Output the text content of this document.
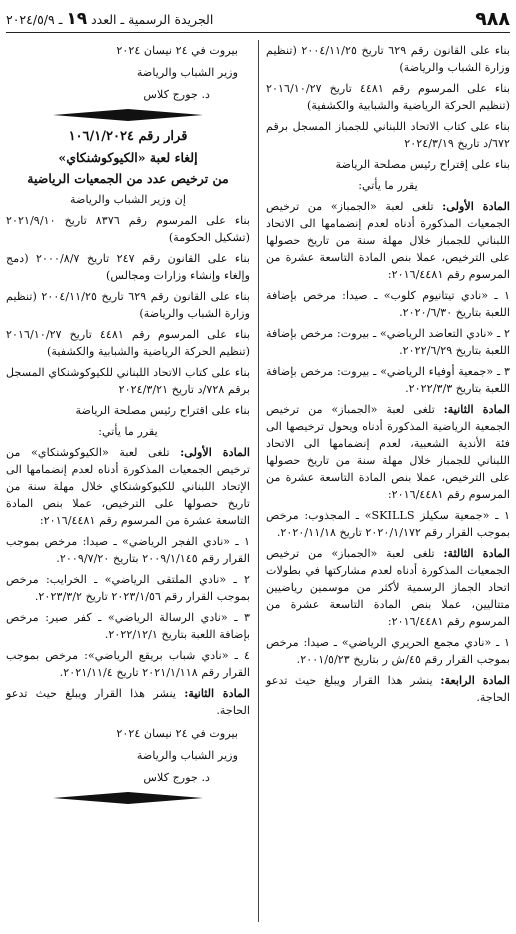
٩٨٨
الجريدة الرسمية ـ العدد ١٩ ـ ٢٠٢٤/٥/٩

بناء على القانون رقم ٦٢٩ تاريخ ٢٠٠٤/١١/٢٥ (تنظيم وزارة الشباب والرياضة)

بناء على المرسوم رقم ٤٤٨١ تاريخ ٢٠١٦/١٠/٢٧ (تنظيم الحركة الرياضية والشبابية والكشفية)

بناء على كتاب الاتحاد اللبناني للجمباز المسجل برقم ٦٧٢/د تاريخ ٢٠٢٤/٣/١٩

بناء على إقتراح رئيس مصلحة الرياضة

يقرر ما يأتي:

المادة الأولى: تلغى لعبة «الجمباز» من ترخيص الجمعيات المذكورة أدناه لعدم إنضمامها الى الاتحاد اللبناني للجمباز خلال مهلة سنة من تاريخ حصولها على الترخيص، عملا بنص المادة التاسعة عشرة من المرسوم رقم ٢٠١٦/٤٤٨١:

١ ـ «نادي تيتانيوم كلوب» ـ صيدا: مرخص بإضافة اللعبة بتاريخ ٢٠٢٠/٦/٣٠.

٢ ـ «نادي التعاضد الرياضي» ـ بيروت: مرخص بإضافة اللعبة بتاريخ ٢٠٢٢/٦/٢٩.

٣ ـ «جمعية أوفياء الرياضي» ـ بيروت: مرخص بإضافة اللعبة بتاريخ ٢٠٢٢/٣/٣.

المادة الثانية: تلغى لعبة «الجمباز» من ترخيص الجمعية الرياضية المذكورة أدناه ويحول ترخيصها الى فئة الأندية الشعبية، لعدم إنضمامها الى الاتحاد اللبناني للجمباز خلال مهلة سنة من تاريخ حصولها على الترخيص، عملا بنص المادة التاسعة عشرة من المرسوم رقم ٢٠١٦/٤٤٨١:

١ ـ «جمعية سكيلز SKILLS» ـ المجذوب: مرخص بموجب القرار رقم ٢٠٢٠/١/١٧٢ تاريخ ٢٠٢٠/١١/١٨.

المادة الثالثة: تلغى لعبة «الجمباز» من ترخيص الجمعيات المذكورة أدناه لعدم مشاركتها في بطولات اتحاد الجماز الرسمية لأكثر من موسمين رياضيين متتاليين، عملا بنص المادة التاسعة عشرة من المرسوم رقم ٢٠١٦/٤٤٨١:

١ ـ «نادي مجمع الحريري الرياضي» ـ صيدا: مرخص بموجب القرار رقم ٤٥/ش ر بتاريخ ٢٠٠١/٥/٢٣.

المادة الرابعة: ينشر هذا القرار ويبلغ حيث تدعو الحاجة.

بيروت في ٢٤ نيسان ٢٠٢٤

وزير الشباب والرياضة

د. جورج كلاس

قرار رقم ١٠٦/١/٢٠٢٤

إلغاء لعبة «الكيوكوشنكاي»

من ترخيص عدد من الجمعيات الرياضية

إن وزير الشباب والرياضة

بناء على المرسوم رقم ٨٣٧٦ تاريخ ٢٠٢١/٩/١٠ (تشكيل الحكومة)

بناء على القانون رقم ٢٤٧ تاريخ ٢٠٠٠/٨/٧ (دمج وإلغاء وإنشاء وزارات ومجالس)

بناء على القانون رقم ٦٢٩ تاريخ ٢٠٠٤/١١/٢٥ (تنظيم وزارة الشباب والرياضة)

بناء على المرسوم رقم ٤٤٨١ تاريخ ٢٠١٦/١٠/٢٧ (تنظيم الحركة الرياضية والشبابية والكشفية)

بناء على كتاب الاتحاد اللبناني للكيوكوشنكاي المسجل برقم ٧٢٨/د تاريخ ٢٠٢٤/٣/٢١

بناء على اقتراح رئيس مصلحة الرياضة

يقرر ما يأتي:

المادة الأولى: تلغى لعبة «الكيوكوشنكاي» من ترخيص الجمعيات المذكورة أدناه لعدم إنضمامها الى الإتحاد اللبناني للكيوكوشنكاي خلال مهلة سنة من تاريخ حصولها على الترخيص، عملا بنص المادة التاسعة عشرة من المرسوم رقم ٢٠١٦/٤٤٨١:

١ ـ «نادي الفجر الرياضي» ـ صيدا: مرخص بموجب القرار رقم ٢٠٠٩/١/١٤٥ بتاريخ ٢٠٠٩/٧/٢٠.

٢ ـ «نادي الملتقى الرياضي» ـ الخرايب: مرخص بموجب القرار رقم ٢٠٢٣/١/٥٦ تاريخ ٢٠٢٣/٣/٢.

٣ ـ «نادي الرسالة الرياضي» ـ كفر صير: مرخص بإضافة اللعبة بتاريخ ٢٠٢٢/١٢/١.

٤ ـ «نادي شباب بريقع الرياضي»: مرخص بموجب القرار رقم ٢٠٢١/١/١١٨ تاريخ ٢٠٢١/١١/٤.

المادة الثانية: ينشر هذا القرار ويبلغ حيث تدعو الحاجة.

بيروت في ٢٤ نيسان ٢٠٢٤

وزير الشباب والرياضة

د. جورج كلاس
